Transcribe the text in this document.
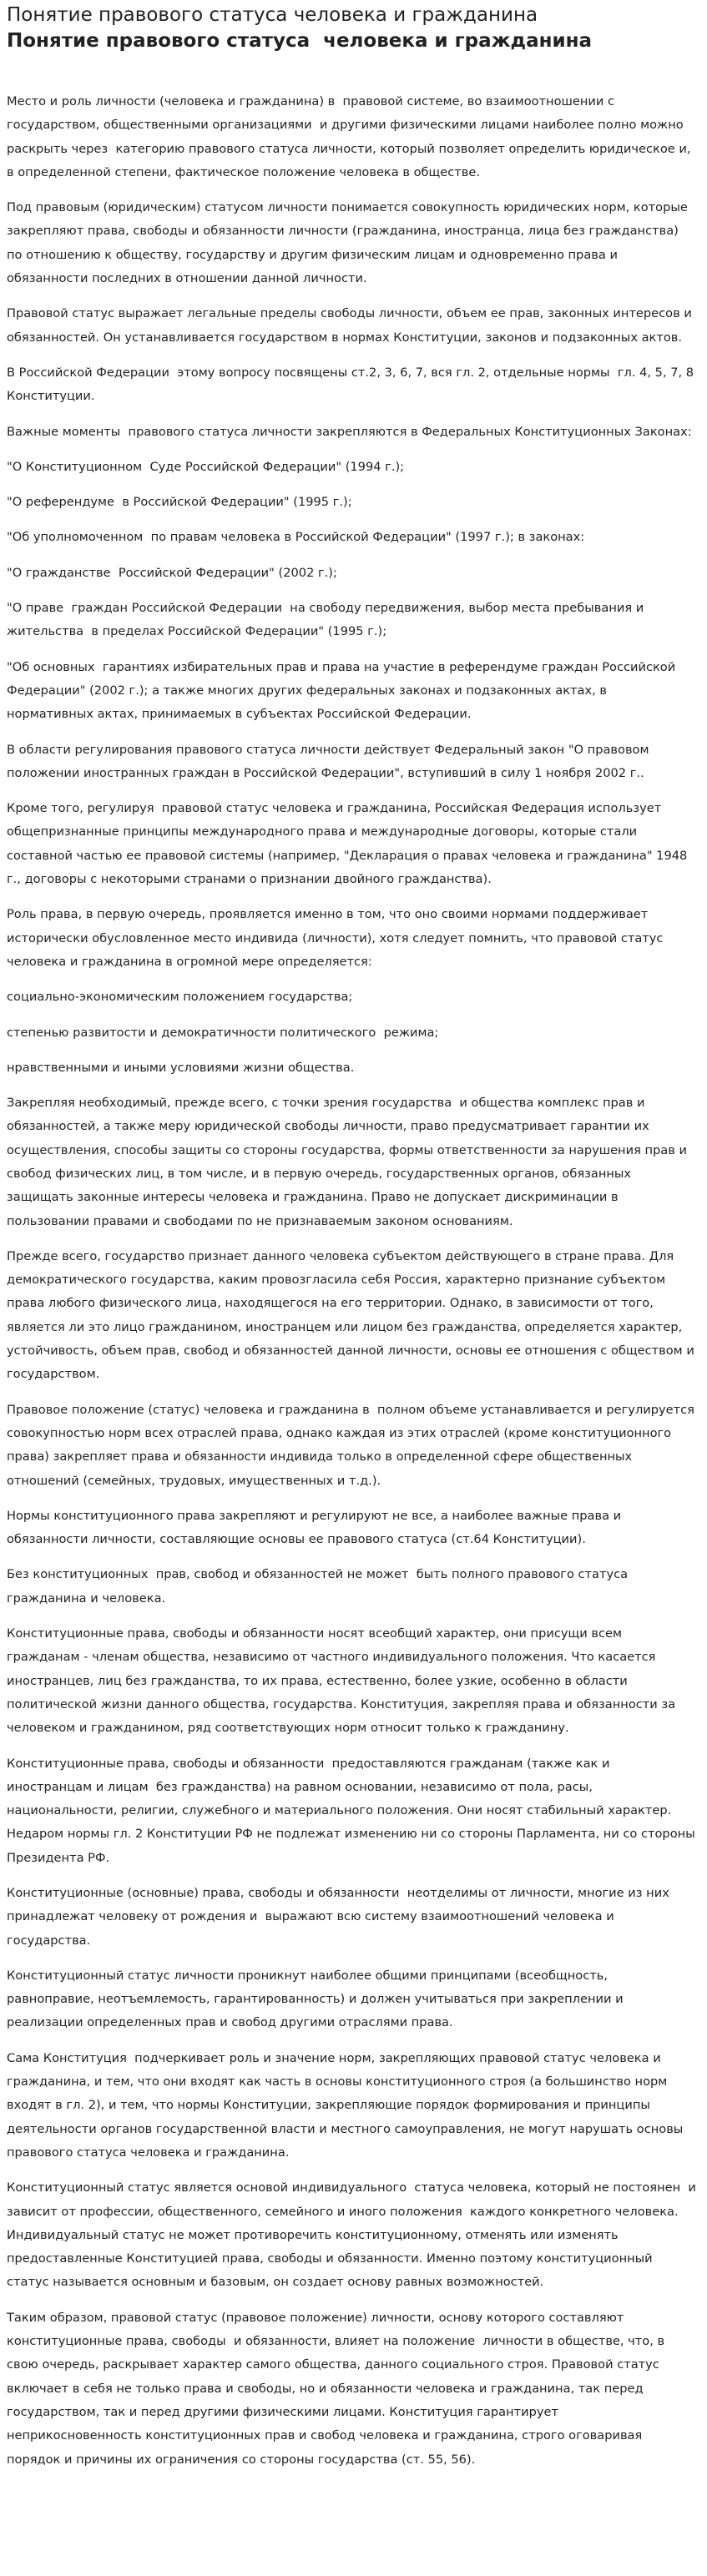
Понятие правового статуса человека и гражданина
Понятие правового статуса  человека и гражданина

Место и роль личности (человека и гражданина) в  правовой системе, во взаимоотношении с государством, общественными организациями  и другими физическими лицами наиболее полно можно раскрыть через  категорию правового статуса личности, который позволяет определить юридическое и, в определенной степени, фактическое положение человека в обществе.

Под правовым (юридическим) статусом личности понимается совокупность юридических норм, которые закрепляют права, свободы и обязанности личности (гражданина, иностранца, лица без гражданства) по отношению к обществу, государству и другим физическим лицам и одновременно права и обязанности последних в отношении данной личности.

Правовой статус выражает легальные пределы свободы личности, объем ее прав, законных интересов и обязанностей. Он устанавливается государством в нормах Конституции, законов и подзаконных актов.

В Российской Федерации  этому вопросу посвящены ст.2, 3, 6, 7, вся гл. 2, отдельные нормы  гл. 4, 5, 7, 8 Конституции.

Важные моменты  правового статуса личности закрепляются в Федеральных Конституционных Законах:

"О Конституционном  Суде Российской Федерации" (1994 г.);

"О референдуме  в Российской Федерации" (1995 г.);

"Об уполномоченном  по правам человека в Российской Федерации" (1997 г.); в законах:

"О гражданстве  Российской Федерации" (2002 г.);

"О праве  граждан Российской Федерации  на свободу передвижения, выбор места пребывания и жительства  в пределах Российской Федерации" (1995 г.);

"Об основных  гарантиях избирательных прав и права на участие в референдуме граждан Российской Федерации" (2002 г.); а также многих других федеральных законах и подзаконных актах, в нормативных актах, принимаемых в субъектах Российской Федерации.

В области регулирования правового статуса личности действует Федеральный закон "О правовом положении иностранных граждан в Российской Федерации", вступивший в силу 1 ноября 2002 г..

Кроме того, регулируя  правовой статус человека и гражданина, Российская Федерация использует общепризнанные принципы международного права и международные договоры, которые стали составной частью ее правовой системы (например, "Декларация о правах человека и гражданина" 1948 г., договоры с некоторыми странами о признании двойного гражданства).

Роль права, в первую очередь, проявляется именно в том, что оно своими нормами поддерживает исторически обусловленное место индивида (личности), хотя следует помнить, что правовой статус человека и гражданина в огромной мере определяется:

социально-экономическим положением государства;

степенью развитости и демократичности политического  режима;

нравственными и иными условиями жизни общества.

Закрепляя необходимый, прежде всего, с точки зрения государства  и общества комплекс прав и обязанностей, а также меру юридической свободы личности, право предусматривает гарантии их осуществления, способы защиты со стороны государства, формы ответственности за нарушения прав и свобод физических лиц, в том числе, и в первую очередь, государственных органов, обязанных защищать законные интересы человека и гражданина. Право не допускает дискриминации в пользовании правами и свободами по не признаваемым законом основаниям.

Прежде всего, государство признает данного человека субъектом действующего в стране права. Для демократического государства, каким провозгласила себя Россия, характерно признание субъектом права любого физического лица, находящегося на его территории. Однако, в зависимости от того, является ли это лицо гражданином, иностранцем или лицом без гражданства, определяется характер, устойчивость, объем прав, свобод и обязанностей данной личности, основы ее отношения с обществом и государством.

Правовое положение (статус) человека и гражданина в  полном объеме устанавливается и регулируется совокупностью норм всех отраслей права, однако каждая из этих отраслей (кроме конституционного права) закрепляет права и обязанности индивида только в определенной сфере общественных отношений (семейных, трудовых, имущественных и т.д.).

Нормы конституционного права закрепляют и регулируют не все, а наиболее важные права и обязанности личности, составляющие основы ее правового статуса (ст.64 Конституции).

Без конституционных  прав, свобод и обязанностей не может  быть полного правового статуса гражданина и человека.

Конституционные права, свободы и обязанности носят всеобщий характер, они присущи всем гражданам - членам общества, независимо от частного индивидуального положения. Что касается иностранцев, лиц без гражданства, то их права, естественно, более узкие, особенно в области политической жизни данного общества, государства. Конституция, закрепляя права и обязанности за человеком и гражданином, ряд соответствующих норм относит только к гражданину.

Конституционные права, свободы и обязанности  предоставляются гражданам (также как и иностранцам и лицам  без гражданства) на равном основании, независимо от пола, расы, национальности, религии, служебного и материального положения. Они носят стабильный характер. Недаром нормы гл. 2 Конституции РФ не подлежат изменению ни со стороны Парламента, ни со стороны Президента РФ.

Конституционные (основные) права, свободы и обязанности  неотделимы от личности, многие из них  принадлежат человеку от рождения и  выражают всю систему взаимоотношений человека и государства.

Конституционный статус личности проникнут наиболее общими принципами (всеобщность, равноправие, неотъемлемость, гарантированность) и должен учитываться при закреплении и реализации определенных прав и свобод другими отраслями права.

Сама Конституция  подчеркивает роль и значение норм, закрепляющих правовой статус человека и гражданина, и тем, что они входят как часть в основы конституционного строя (а большинство норм входят в гл. 2), и тем, что нормы Конституции, закрепляющие порядок формирования и принципы деятельности органов государственной власти и местного самоуправления, не могут нарушать основы правового статуса человека и гражданина.

Конституционный статус является основой индивидуального  статуса человека, который не постоянен  и зависит от профессии, общественного, семейного и иного положения  каждого конкретного человека. Индивидуальный статус не может противоречить конституционному, отменять или изменять предоставленные Конституцией права, свободы и обязанности. Именно поэтому конституционный статус называется основным и базовым, он создает основу равных возможностей.

Таким образом, правовой статус (правовое положение) личности, основу которого составляют конституционные права, свободы  и обязанности, влияет на положение  личности в обществе, что, в свою очередь, раскрывает характер самого общества, данного социального строя. Правовой статус включает в себя не только права и свободы, но и обязанности человека и гражданина, так перед государством, так и перед другими физическими лицами. Конституция гарантирует неприкосновенность конституционных прав и свобод человека и гражданина, строго оговаривая порядок и причины их ограничения со стороны государства (ст. 55, 56).
